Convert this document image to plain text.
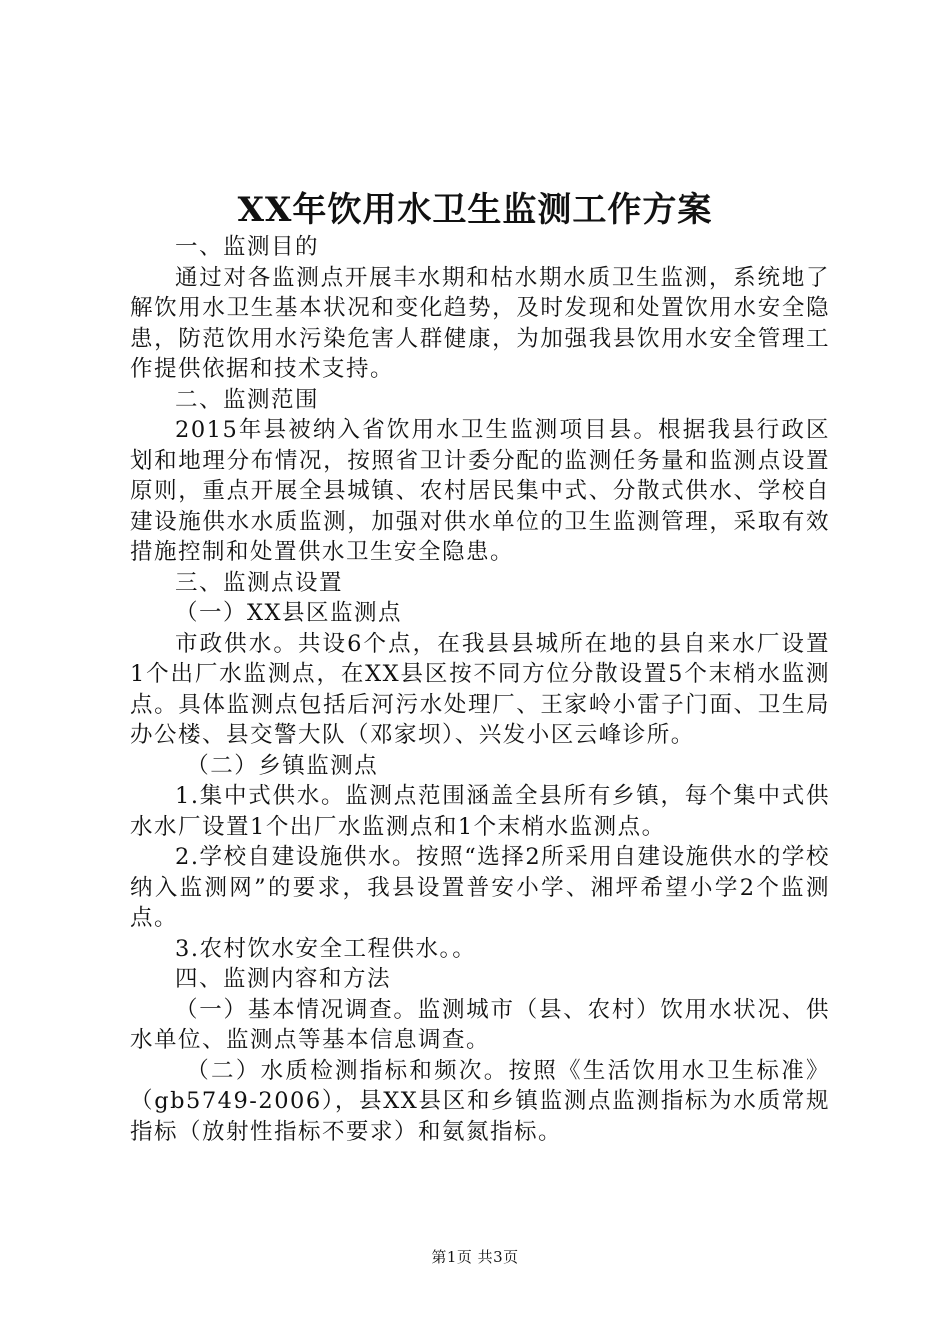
XX年饮用水卫生监测工作方案

一、监测目的

通过对各监测点开展丰水期和枯水期水质卫生监测，系统地了解饮用水卫生基本状况和变化趋势，及时发现和处置饮用水安全隐患，防范饮用水污染危害人群健康，为加强我县饮用水安全管理工作提供依据和技术支持。

二、监测范围

2015年县被纳入省饮用水卫生监测项目县。根据我县行政区划和地理分布情况，按照省卫计委分配的监测任务量和监测点设置原则，重点开展全县城镇、农村居民集中式、分散式供水、学校自建设施供水水质监测，加强对供水单位的卫生监测管理，采取有效措施控制和处置供水卫生安全隐患。

三、监测点设置

（一）XX县区监测点

市政供水。共设6个点，在我县县城所在地的县自来水厂设置1个出厂水监测点，在XX县区按不同方位分散设置5个末梢水监测点。具体监测点包括后河污水处理厂、王家岭小雷子门面、卫生局办公楼、县交警大队（邓家坝）、兴发小区云峰诊所。

（二）乡镇监测点

1.集中式供水。监测点范围涵盖全县所有乡镇，每个集中式供水水厂设置1个出厂水监测点和1个末梢水监测点。

2.学校自建设施供水。按照“选择2所采用自建设施供水的学校纳入监测网”的要求，我县设置普安小学、湘坪希望小学2个监测点。

3.农村饮水安全工程供水。。

四、监测内容和方法

（一）基本情况调查。监测城市（县、农村）饮用水状况、供水单位、监测点等基本信息调查。

（二）水质检测指标和频次。按照《生活饮用水卫生标准》（gb5749-2006），县XX县区和乡镇监测点监测指标为水质常规指标（放射性指标不要求）和氨氮指标。

第1页 共3页
